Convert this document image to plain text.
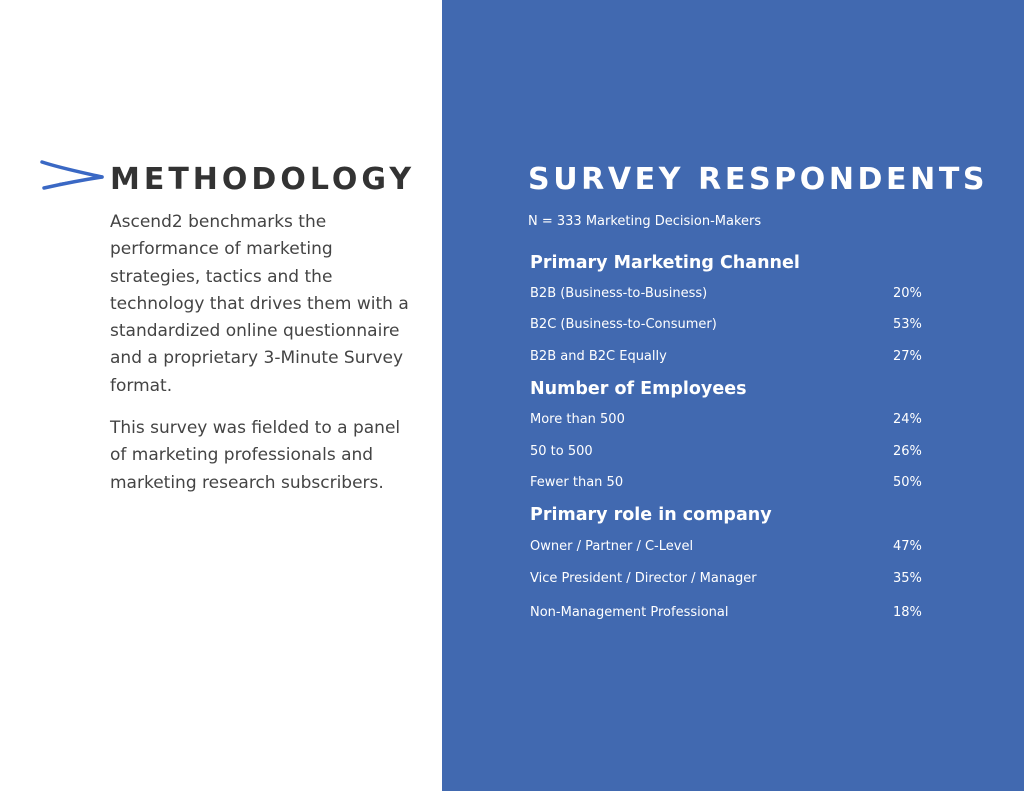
METHODOLOGY

Ascend2 benchmarks the performance of marketing strategies, tactics and the technology that drives them with a standardized online questionnaire and a proprietary 3-Minute Survey format.

This survey was fielded to a panel of marketing professionals and marketing research subscribers.

SURVEY RESPONDENTS
N = 333 Marketing Decision-Makers
Primary Marketing Channel
B2B (Business-to-Business)	20%
B2C (Business-to-Consumer)	53%
B2B and B2C Equally	27%
Number of Employees
More than 500	24%
50 to 500	26%
Fewer than 50	50%
Primary role in company
Owner / Partner / C-Level	47%
Vice President / Director / Manager	35%
Non-Management Professional	18%
